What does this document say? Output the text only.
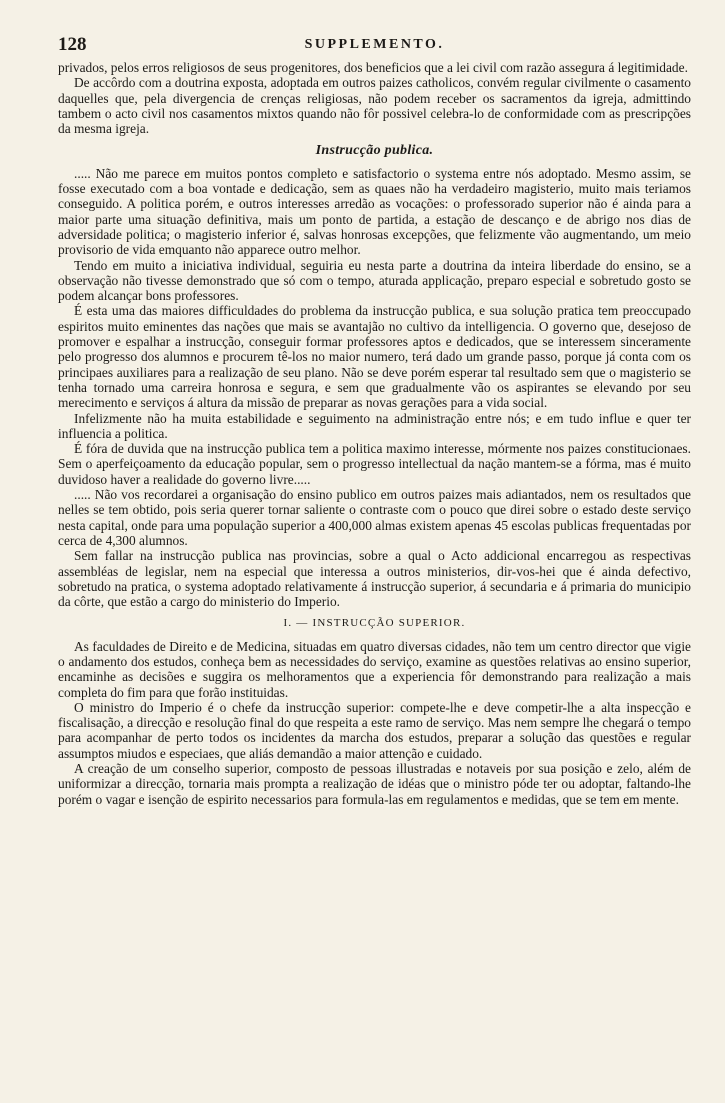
128	SUPPLEMENTO.

privados, pelos erros religiosos de seus progenitores, dos beneficios que a lei civil com razão assegura á legitimidade.

De accôrdo com a doutrina exposta, adoptada em outros paizes catholicos, convém regular civilmente o casamento daquelles que, pela divergencia de crenças religiosas, não podem receber os sacramentos da igreja, admittindo tambem o acto civil nos casamentos mixtos quando não fôr possivel celebra-lo de conformidade com as prescripções da mesma igreja.

Instrucção publica.

..... Não me parece em muitos pontos completo e satisfactorio o systema entre nós adoptado. Mesmo assim, se fosse executado com a boa vontade e dedicação, sem as quaes não ha verdadeiro magisterio, muito mais teriamos conseguido. A politica porém, e outros interesses arredão as vocações: o professorado superior não é ainda para a maior parte uma situação definitiva, mais um ponto de partida, a estação de descanço e de abrigo nos dias de adversidade politica; o magisterio inferior é, salvas honrosas excepções, que felizmente vão augmentando, um meio provisorio de vida emquanto não apparece outro melhor.

Tendo em muito a iniciativa individual, seguiria eu nesta parte a doutrina da inteira liberdade do ensino, se a observação não tivesse demonstrado que só com o tempo, aturada applicação, preparo especial e sobretudo gosto se podem alcançar bons professores.

É esta uma das maiores difficuldades do problema da instrucção publica, e sua solução pratica tem preoccupado espiritos muito eminentes das nações que mais se avantajão no cultivo da intelligencia. O governo que, desejoso de promover e espalhar a instrucção, conseguir formar professores aptos e dedicados, que se interessem sinceramente pelo progresso dos alumnos e procurem tê-los no maior numero, terá dado um grande passo, porque já conta com os principaes auxiliares para a realização de seu plano. Não se deve porém esperar tal resultado sem que o magisterio se tenha tornado uma carreira honrosa e segura, e sem que gradualmente vão os aspirantes se elevando por seu merecimento e serviços á altura da missão de preparar as novas gerações para a vida social.

Infelizmente não ha muita estabilidade e seguimento na administração entre nós; e em tudo influe e quer ter influencia a politica.

É fóra de duvida que na instrucção publica tem a politica maximo interesse, mórmente nos paizes constitucionaes. Sem o aperfeiçoamento da educação popular, sem o progresso intellectual da nação mantem-se a fórma, mas é muito duvidoso haver a realidade do governo livre.....

..... Não vos recordarei a organisação do ensino publico em outros paizes mais adiantados, nem os resultados que nelles se tem obtido, pois seria querer tornar saliente o contraste com o pouco que direi sobre o estado deste serviço nesta capital, onde para uma população superior a 400,000 almas existem apenas 45 escolas publicas frequentadas por cerca de 4,300 alumnos.

Sem fallar na instrucção publica nas provincias, sobre a qual o Acto addicional encarregou as respectivas assembléas de legislar, nem na especial que interessa a outros ministerios, dir-vos-hei que é ainda defectivo, sobretudo na pratica, o systema adoptado relativamente á instrucção superior, á secundaria e á primaria do municipio da côrte, que estão a cargo do ministerio do Imperio.

I. — INSTRUCÇÃO SUPERIOR.

As faculdades de Direito e de Medicina, situadas em quatro diversas cidades, não tem um centro director que vigie o andamento dos estudos, conheça bem as necessidades do serviço, examine as questões relativas ao ensino superior, encaminhe as decisões e suggira os melhoramentos que a experiencia fôr demonstrando para realização a mais completa do fim para que forão instituidas.

O ministro do Imperio é o chefe da instrucção superior: compete-lhe e deve competir-lhe a alta inspecção e fiscalisação, a direcção e resolução final do que respeita a este ramo de serviço. Mas nem sempre lhe chegará o tempo para acompanhar de perto todos os incidentes da marcha dos estudos, preparar a solução das questões e regular assumptos miudos e especiaes, que aliás demandão a maior attenção e cuidado.

A creação de um conselho superior, composto de pessoas illustradas e notaveis por sua posição e zelo, além de uniformizar a direcção, tornaria mais prompta a realização de idéas que o ministro póde ter ou adoptar, faltando-lhe porém o vagar e isenção de espirito necessarios para formula-las em regulamentos e medidas, que se tem em mente.
